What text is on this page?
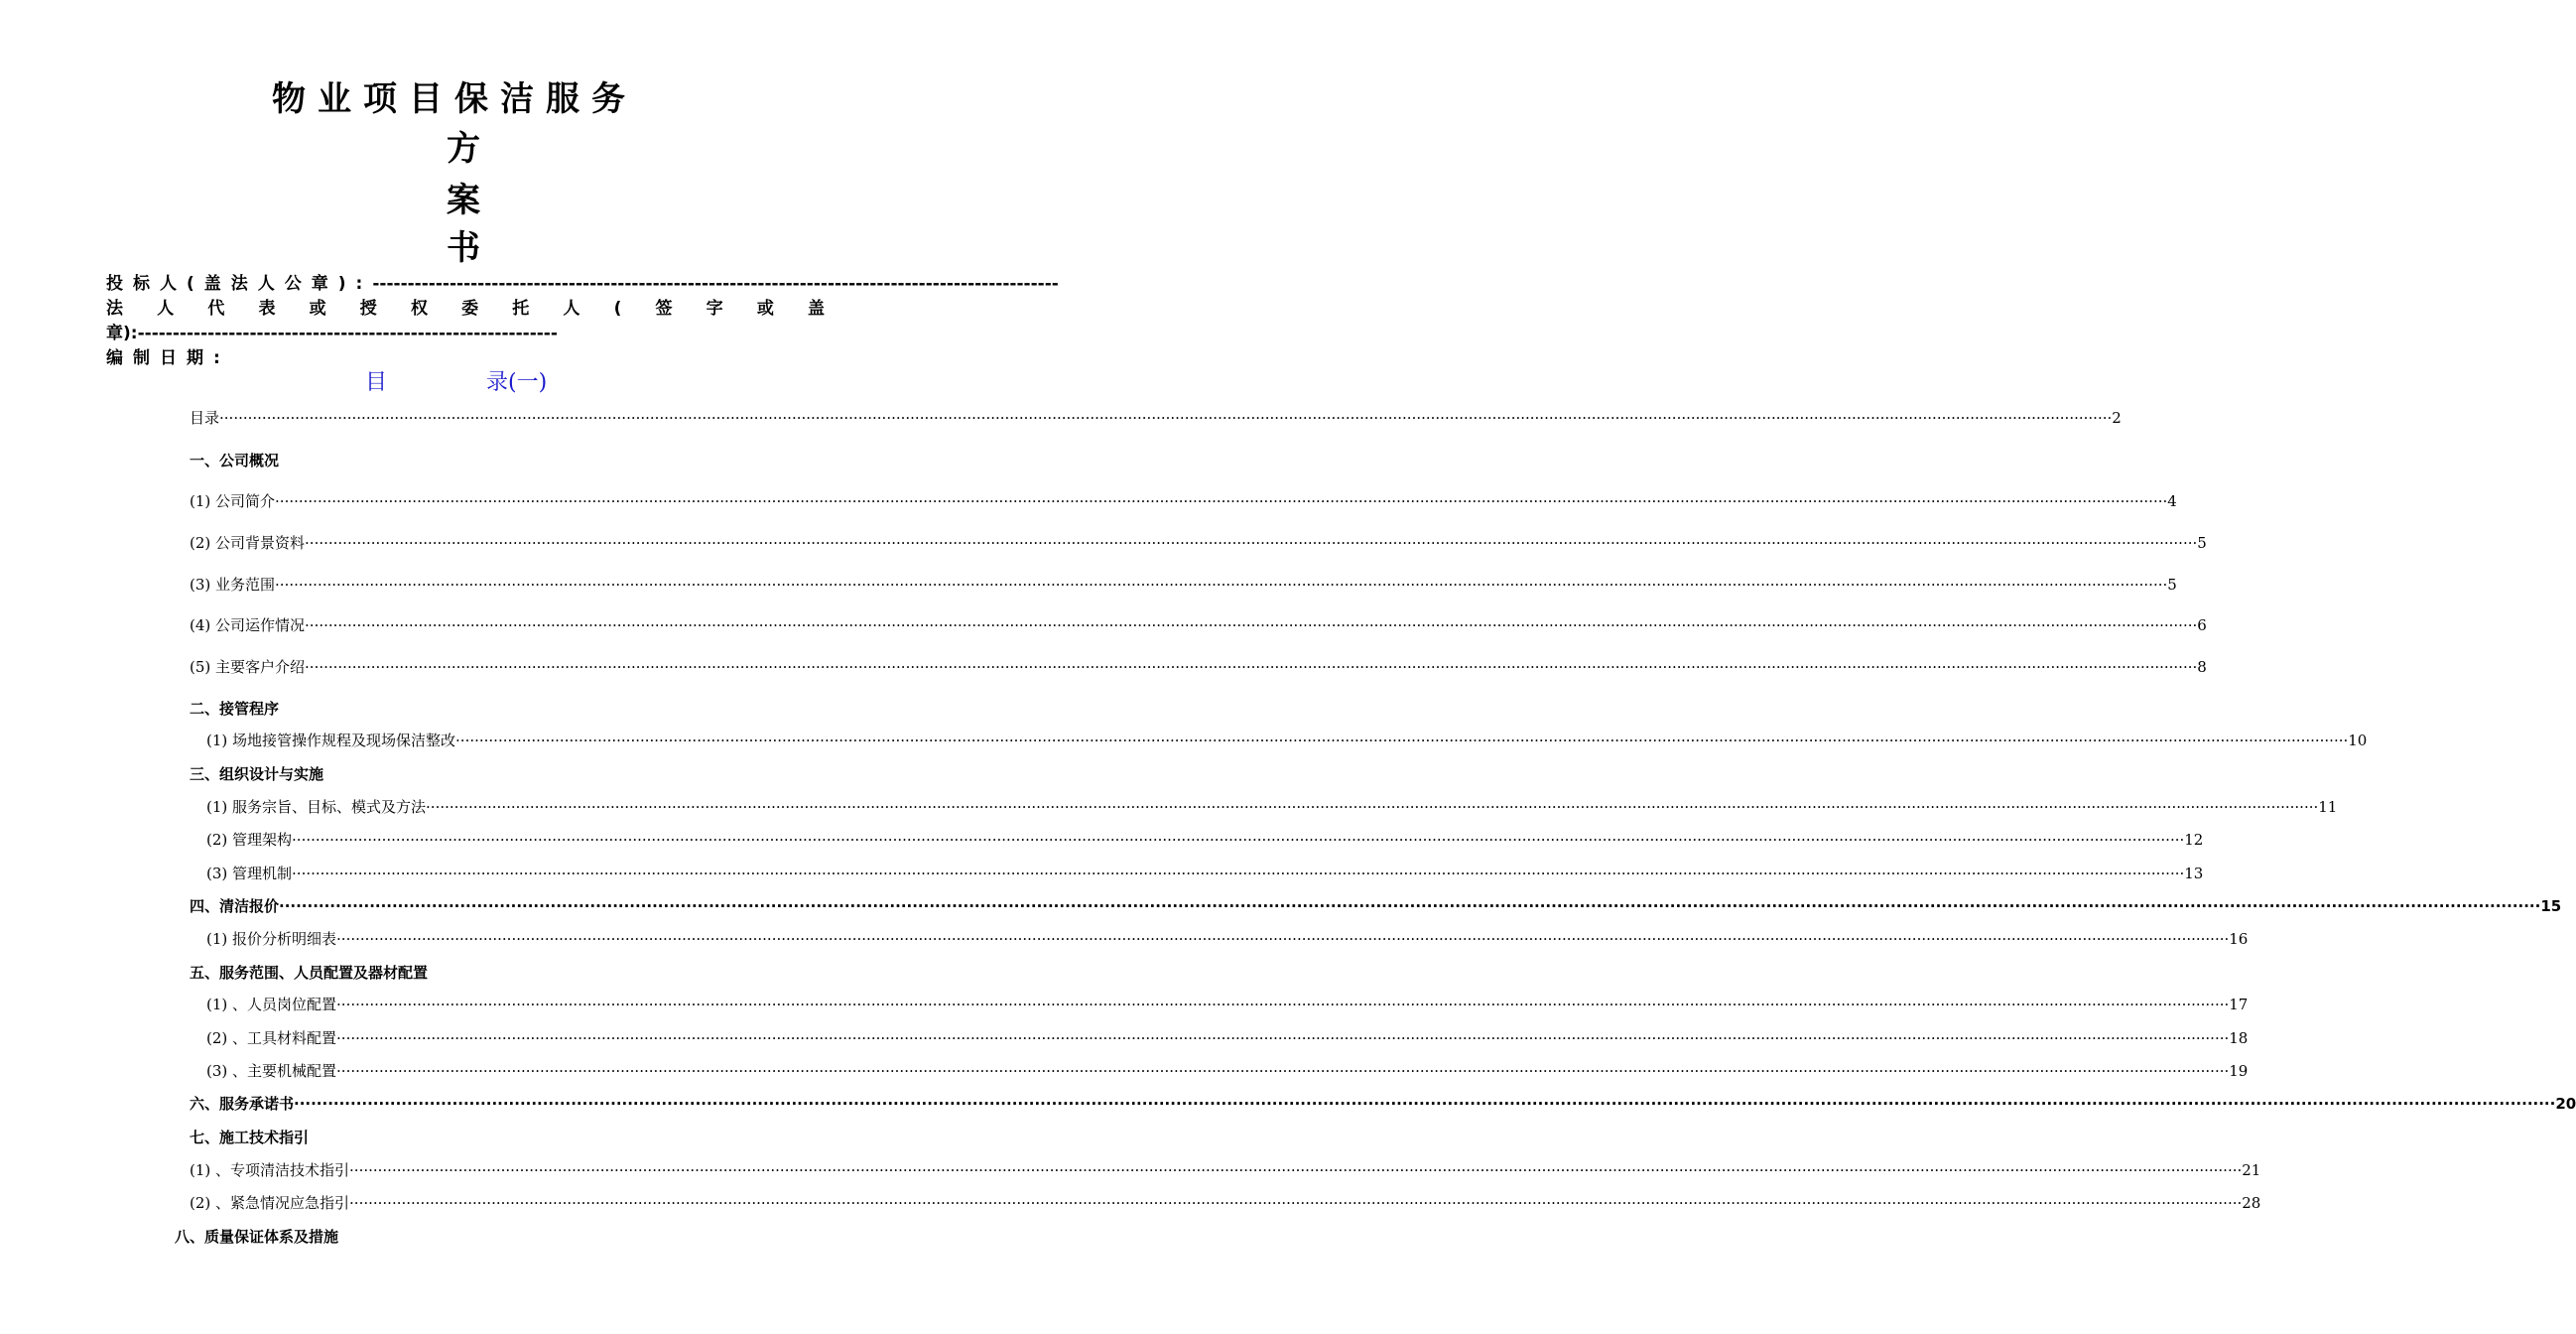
物业项目保洁服务
方
案
书
投标人(盖法人公章):--------------------------------------------------------------------------------------------------
法 人 代 表 或 授 权 委 托 人 ( 签 字 或 盖
章):------------------------------------------------------------
编制日期:
目	录(一)
目录 ················································································································································································································································································································································································································ 2
一、公司概况
(1) 公司简介 ················································································································································································································································································································································································································ 4
(2) 公司背景资料 ················································································································································································································································································································································································································ 5
(3) 业务范围 ················································································································································································································································································································································································································ 5
(4) 公司运作情况 ················································································································································································································································································································································································································ 6
(5) 主要客户介绍 ················································································································································································································································································································································································································ 8
二、接管程序
(1) 场地接管操作规程及现场保洁整改 ················································································································································································································································································································································································································ 10
三、组织设计与实施
(1) 服务宗旨、目标、模式及方法 ················································································································································································································································································································································································································ 11
(2) 管理架构 ················································································································································································································································································································································································································ 12
(3) 管理机制 ················································································································································································································································································································································································································ 13
四、清洁报价 ················································································································································································································································································································································································································ 15
(1) 报价分析明细表 ················································································································································································································································································································································································································ 16
五、服务范围、人员配置及器材配置
(1) 、人员岗位配置 ················································································································································································································································································································································································································ 17
(2) 、工具材料配置 ················································································································································································································································································································································································································ 18
(3) 、主要机械配置 ················································································································································································································································································································································································································ 19
六、服务承诺书 ················································································································································································································································································································································································································ 20
七、施工技术指引
(1) 、专项清洁技术指引 ················································································································································································································································································································································································································ 21
(2) 、紧急情况应急指引 ················································································································································································································································································································································································································ 28
八、质量保证体系及措施
